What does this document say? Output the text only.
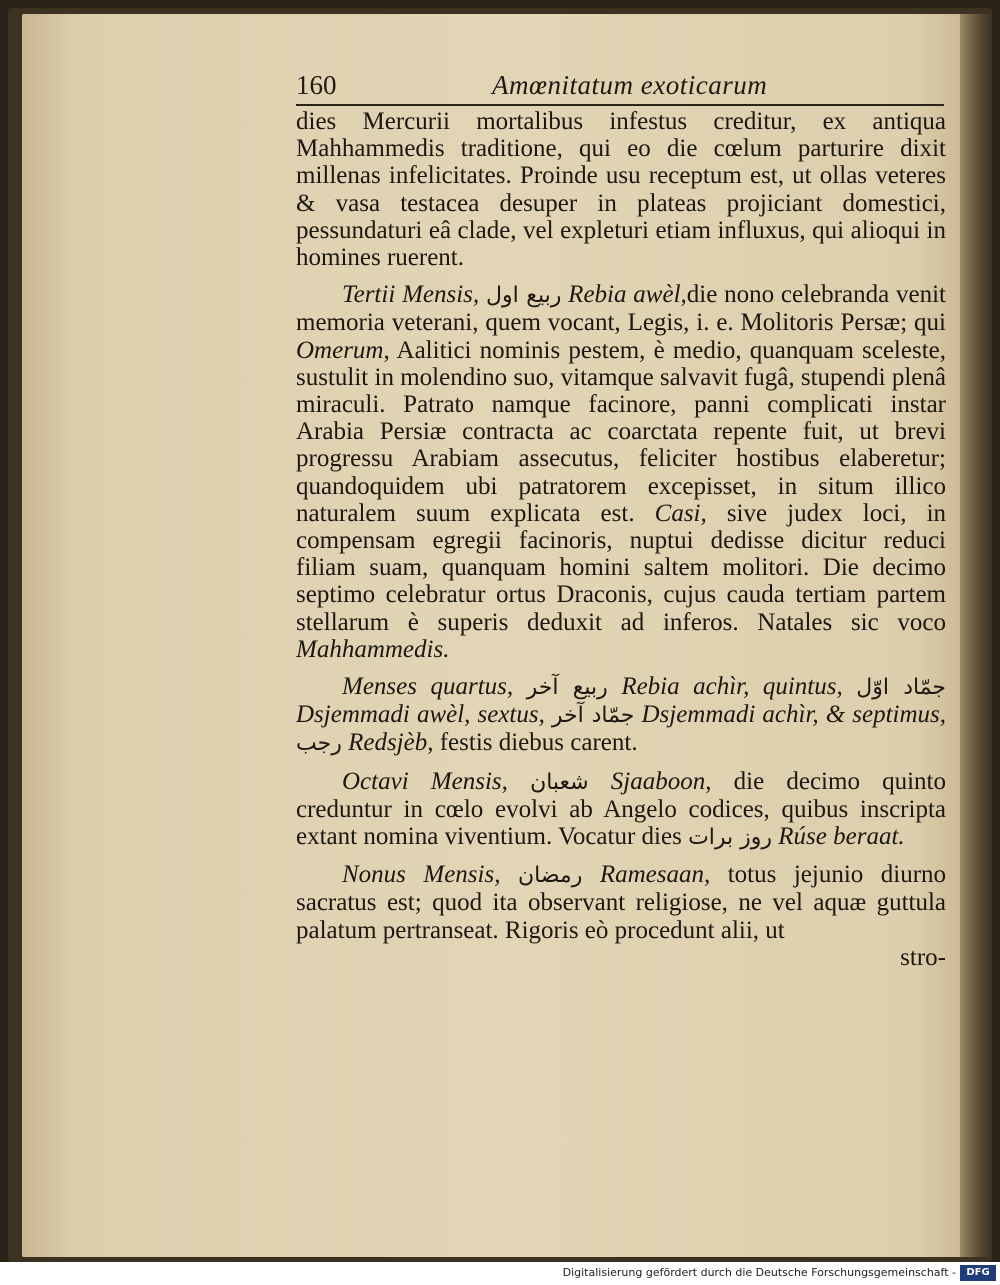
160	Amœnitatum exoticarum

dies Mercurii mortalibus infestus creditur, ex antiqua Mahhammedis traditione, qui eo die cœlum parturire dixit millenas infelicitates. Proinde usu receptum est, ut ollas veteres & vasa testacea desuper in plateas projiciant domestici, pessundaturi eâ clade, vel expleturi etiam influxus, qui alioqui in homines ruerent.

Tertii Mensis, ربيع اول Rebia awèl,die nono celebranda venit memoria veterani, quem vocant, Legis, i. e. Molitoris Persæ; qui Omerum, Aalitici nominis pestem, è medio, quanquam sceleste, sustulit in molendino suo, vitamque salvavit fugâ, stupendi plenâ miraculi. Patrato namque facinore, panni complicati instar Arabia Persiæ contracta ac coarctata repente fuit, ut brevi progressu Arabiam assecutus, feliciter hostibus elaberetur; quandoquidem ubi patratorem excepisset, in situm illico naturalem suum explicata est. Casi, sive judex loci, in compensam egregii facinoris, nuptui dedisse dicitur reduci filiam suam, quanquam homini saltem molitori. Die decimo septimo celebratur ortus Draconis, cujus cauda tertiam partem stellarum è superis deduxit ad inferos. Natales sic voco Mahhammedis.

Menses quartus, ربيع آخر Rebia achìr, quintus, جمّاد اوّل Dsjemmadi awèl, sextus, جمّاد آخر Dsjemmadi achìr, & septimus, رجب Redsjèb, festis diebus carent.

Octavi Mensis, شعبان Sjaaboon, die decimo quinto creduntur in cœlo evolvi ab Angelo codices, quibus inscripta extant nomina viventium. Vocatur dies روز برات Rúse beraat.

Nonus Mensis, رمضان Ramesaan, totus jejunio diurno sacratus est; quod ita observant religiose, ne vel aquæ guttula palatum pertranseat. Rigoris eò procedunt alii, ut

stro-

Digitalisierung gefördert durch die Deutsche Forschungsgemeinschaft -	DFG
